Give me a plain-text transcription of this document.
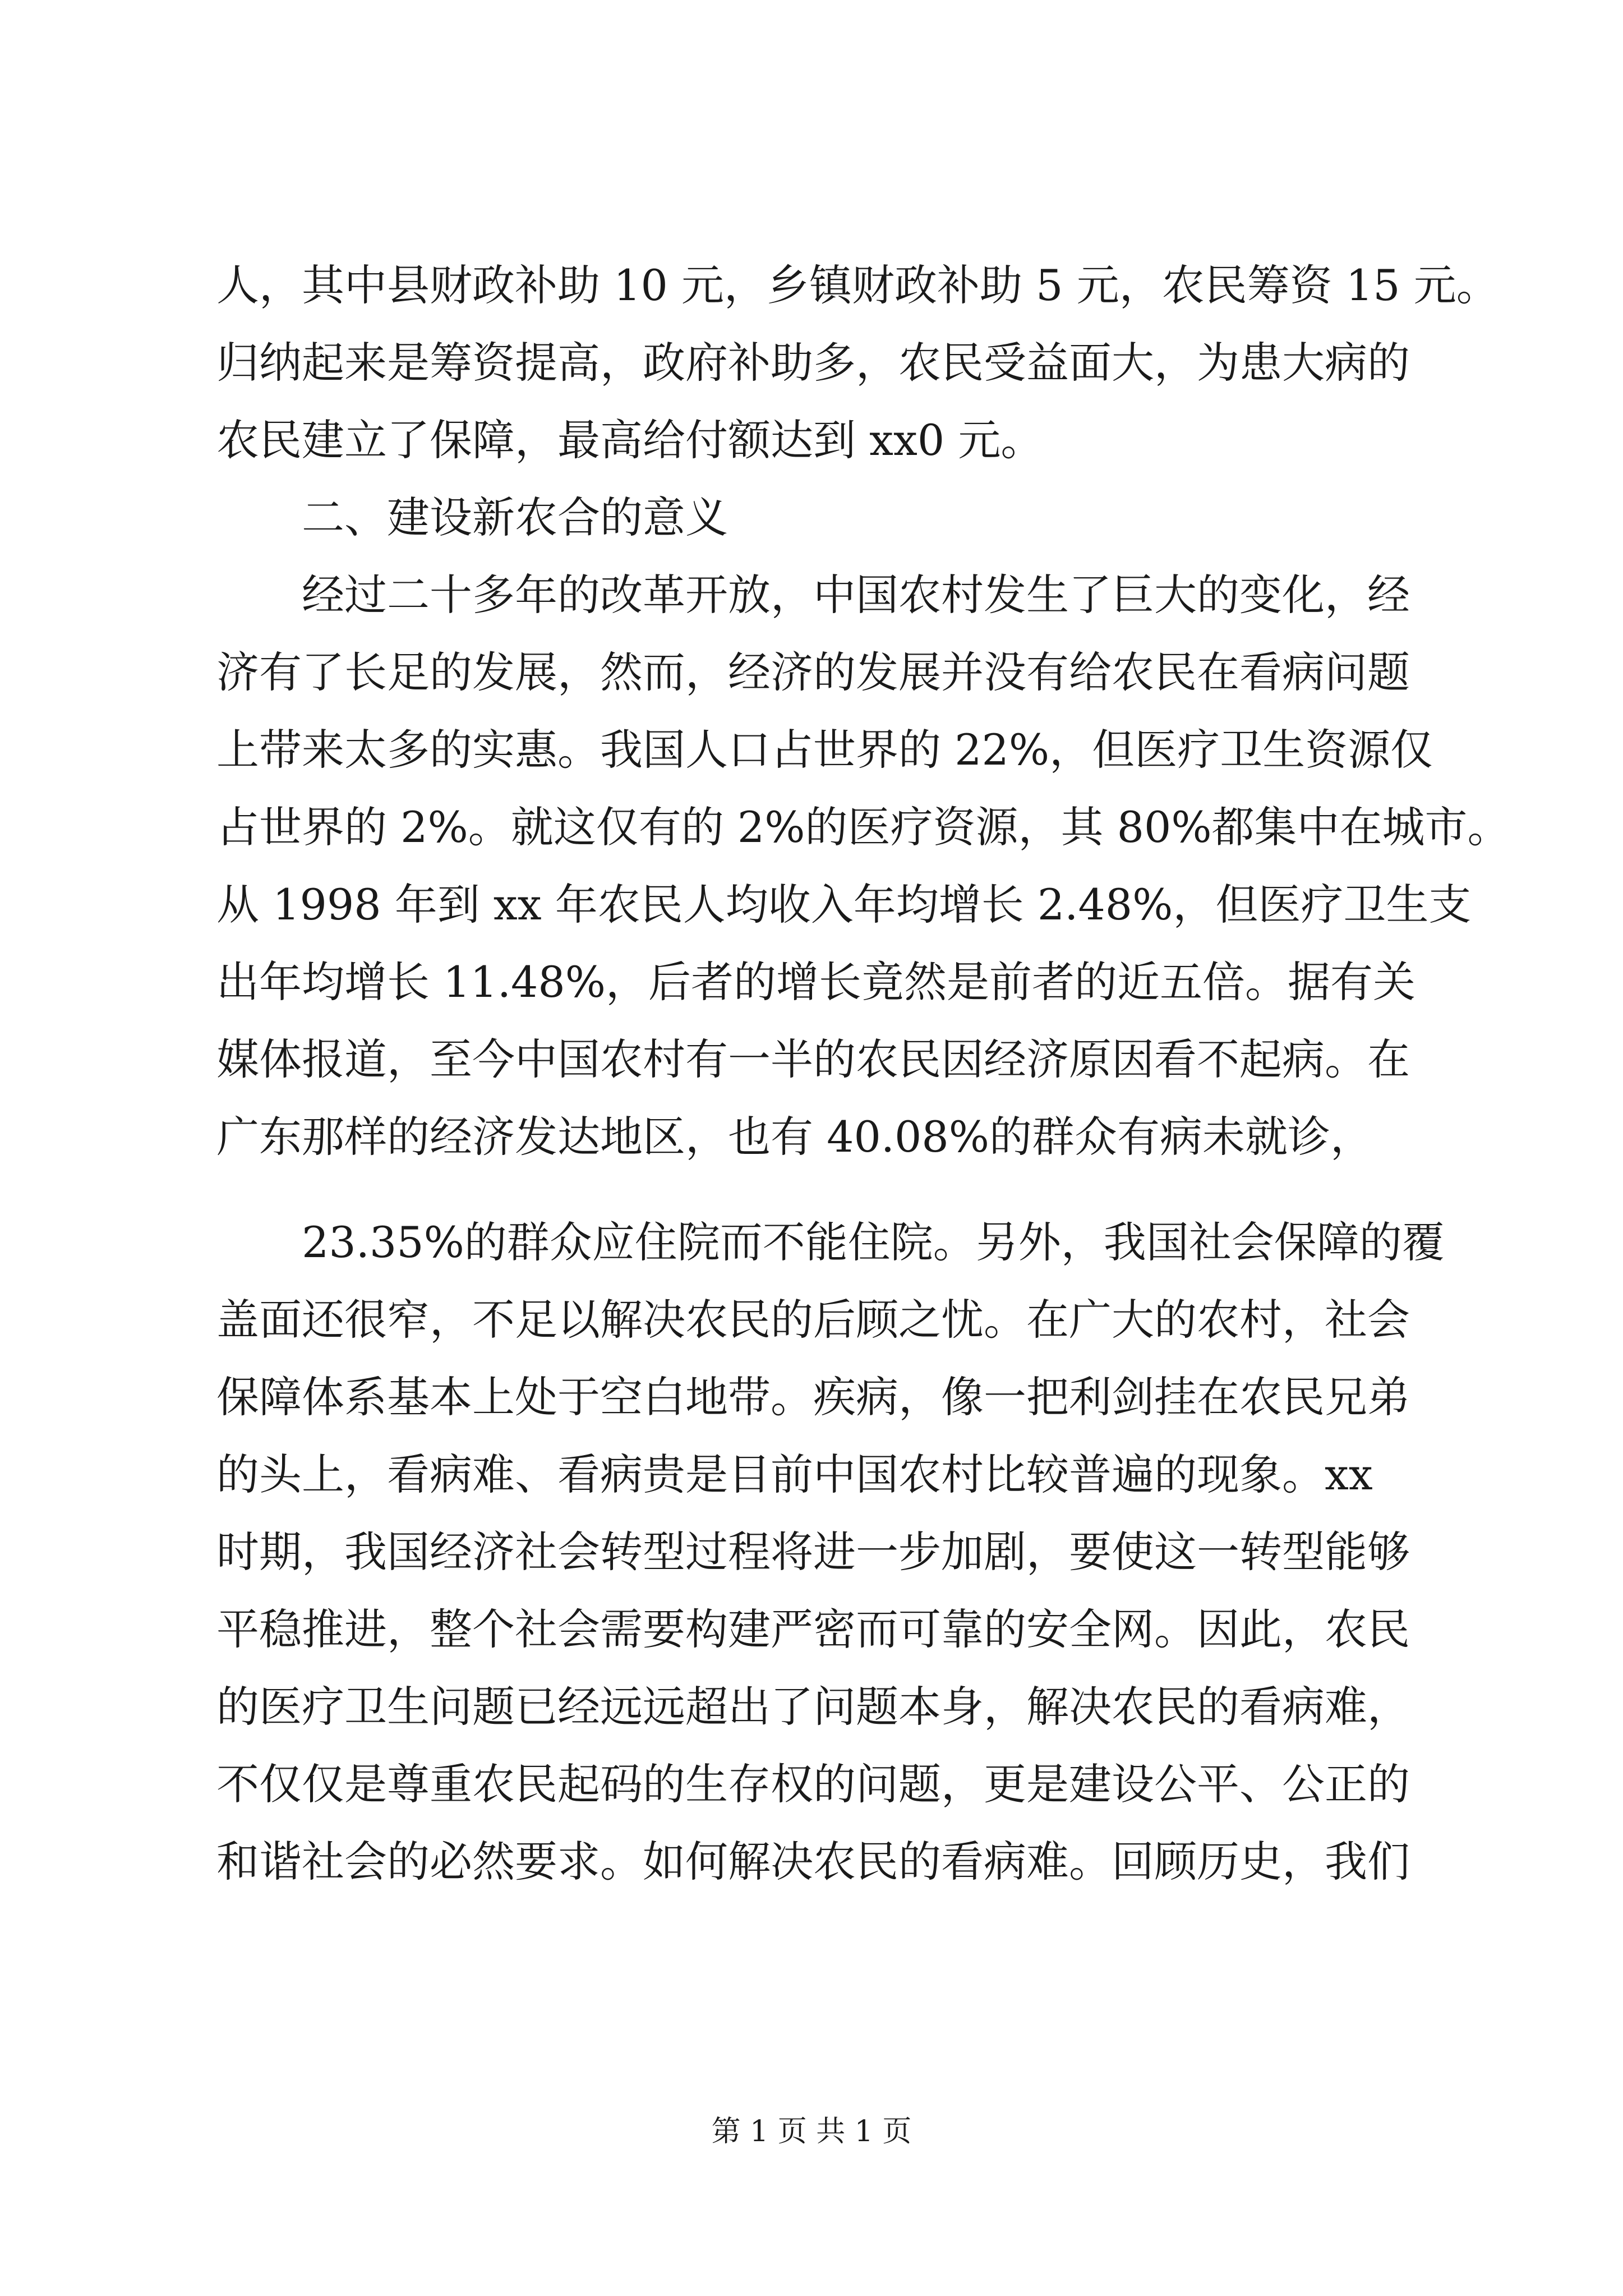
人，其中县财政补助 10 元，乡镇财政补助 5 元，农民筹资 15 元。
归纳起来是筹资提高，政府补助多，农民受益面大，为患大病的
农民建立了保障，最高给付额达到 xx0 元。
二、建设新农合的意义
经过二十多年的改革开放，中国农村发生了巨大的变化，经
济有了长足的发展，然而，经济的发展并没有给农民在看病问题
上带来太多的实惠。我国人口占世界的 22%，但医疗卫生资源仅
占世界的 2%。就这仅有的 2%的医疗资源，其 80%都集中在城市。
从 1998 年到 xx 年农民人均收入年均增长 2.48%，但医疗卫生支
出年均增长 11.48%，后者的增长竟然是前者的近五倍。据有关
媒体报道，至今中国农村有一半的农民因经济原因看不起病。在
广东那样的经济发达地区，也有 40.08%的群众有病未就诊，
23.35%的群众应住院而不能住院。另外，我国社会保障的覆
盖面还很窄，不足以解决农民的后顾之忧。在广大的农村，社会
保障体系基本上处于空白地带。疾病，像一把利剑挂在农民兄弟
的头上，看病难、看病贵是目前中国农村比较普遍的现象。xx
时期，我国经济社会转型过程将进一步加剧，要使这一转型能够
平稳推进，整个社会需要构建严密而可靠的安全网。因此，农民
的医疗卫生问题已经远远超出了问题本身，解决农民的看病难，
不仅仅是尊重农民起码的生存权的问题，更是建设公平、公正的
和谐社会的必然要求。如何解决农民的看病难。回顾历史，我们
第 1 页 共 1 页
